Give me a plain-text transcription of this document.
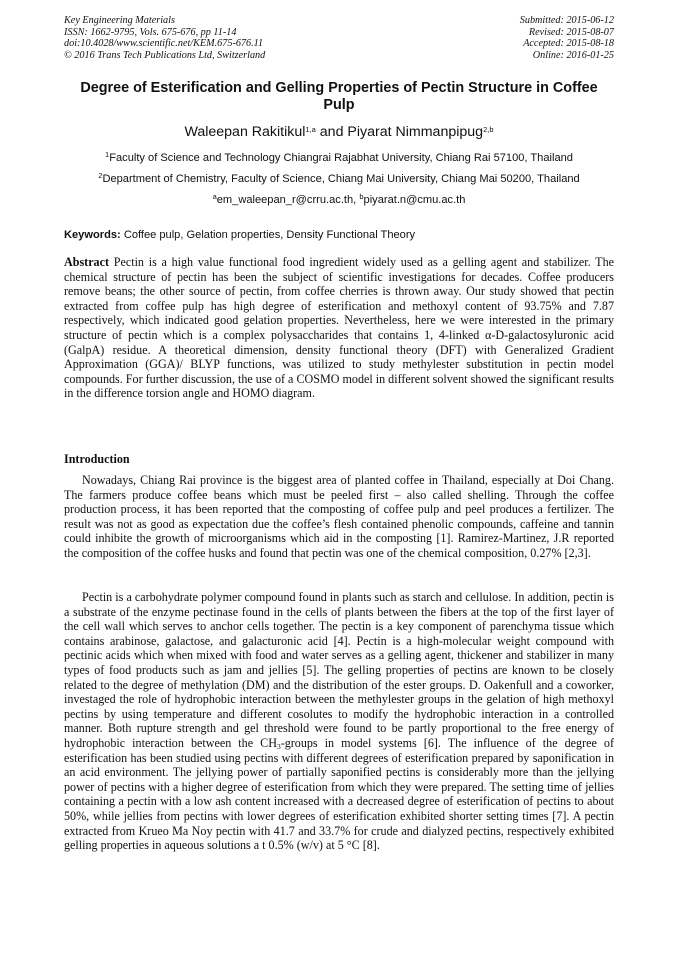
Key Engineering Materials
ISSN: 1662-9795, Vols. 675-676, pp 11-14
doi:10.4028/www.scientific.net/KEM.675-676.11
© 2016 Trans Tech Publications Ltd, Switzerland
Submitted: 2015-06-12
Revised: 2015-08-07
Accepted: 2015-08-18
Online: 2016-01-25
Degree of Esterification and Gelling Properties of Pectin Structure in Coffee Pulp
Waleepan Rakitikul$^{1,a}$ and Piyarat Nimmanpipug$^{2,b}$
$^1$Faculty of Science and Technology Chiangrai Rajabhat University, Chiang Rai 57100, Thailand
$^2$Department of Chemistry, Faculty of Science, Chiang Mai University, Chiang Mai 50200, Thailand
$^a$em_waleepan_r@crru.ac.th, $^b$piyarat.n@cmu.ac.th
Keywords: Coffee pulp, Gelation properties, Density Functional Theory
Abstract Pectin is a high value functional food ingredient widely used as a gelling agent and stabilizer. The chemical structure of pectin has been the subject of scientific investigations for decades. Coffee producers remove beans; the other source of pectin, from coffee cherries is thrown away. Our study showed that pectin extracted from coffee pulp has high degree of esterification and methoxyl content of 93.75% and 7.87 respectively, which indicated good gelation properties. Nevertheless, here we were interested in the primary structure of pectin which is a complex polysaccharides that contains 1, 4-linked α-D-galactosyluronic acid (GalpA) residue. A theoretical dimension, density functional theory (DFT) with Generalized Gradient Approximation (GGA)/ BLYP functions, was utilized to study methylester substitution in pectin model compounds. For further discussion, the use of a COSMO model in different solvent showed the significant results in the difference torsion angle and HOMO diagram.
Introduction
Nowadays, Chiang Rai province is the biggest area of planted coffee in Thailand, especially at Doi Chang. The farmers produce coffee beans which must be peeled first – also called shelling. Through the coffee production process, it has been reported that the composting of coffee pulp and peel produces a fertilizer. The result was not as good as expectation due the coffee’s flesh contained phenolic compounds, caffeine and tannin could inhibite the growth of microorganisms which aid in the composting [1]. Ramirez-Martinez, J.R reported the composition of the coffee husks and found that pectin was one of the chemical composition, 0.27% [2,3].
Pectin is a carbohydrate polymer compound found in plants such as starch and cellulose. In addition, pectin is a substrate of the enzyme pectinase found in the cells of plants between the fibers at the top of the first layer of the cell wall which serves to anchor cells together. The pectin is a key component of parenchyma tissue which contains arabinose, galactose, and galacturonic acid [4]. Pectin is a high-molecular weight compound with pectinic acids which when mixed with food and water serves as a gelling agent, thickener and stabilizer in many types of food products such as jam and jellies [5]. The gelling properties of pectins are known to be closely related to the degree of methylation (DM) and the distribution of the ester groups. D. Oakenfull and a coworker, investaged the role of hydrophobic interaction between the methylester groups in the gelation of high methoxyl pectins by using temperature and different cosolutes to modify the hydrophobic interaction in a controlled manner. Both rupture strength and gel threshold were found to be partly proportional to the free energy of hydrophobic interaction between the $CH_3$-groups in model systems [6]. The influence of the degree of esterification has been studied using pectins with different degrees of esterification prepared by saponification in an acid environment. The jellying power of partially saponified pectins is considerably more than the jellying power of pectins with a higher degree of esterification from which they were prepared. The setting time of jellies containing a pectin with a low ash content increased with a decreased degree of esterification of pectins to about 50%, while jellies from pectins with lower degrees of esterification exhibited shorter setting times [7]. A pectin extracted from Krueo Ma Noy pectin with 41.7 and 33.7% for crude and dialyzed pectins, respectively exhibited gelling properties in aqueous solutions a t 0.5% (w/v) at 5 °C [8].
